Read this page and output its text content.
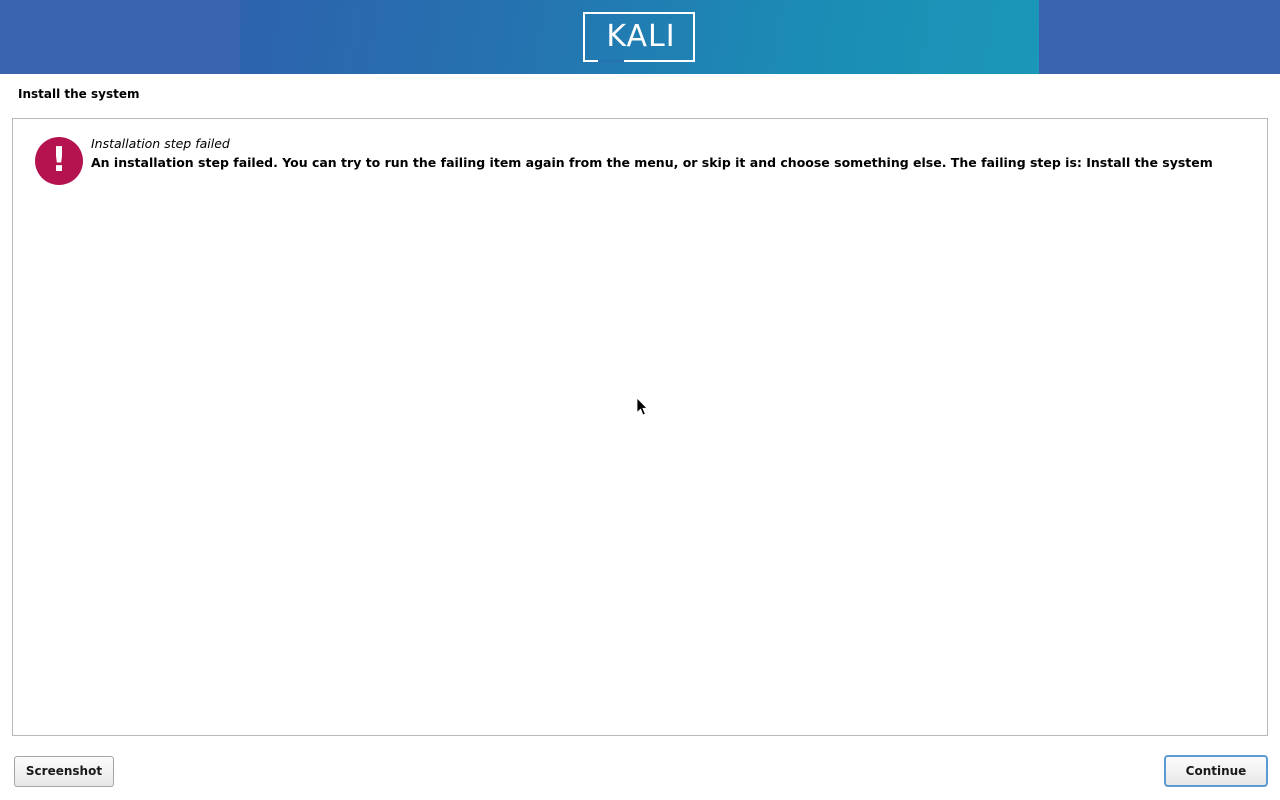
KALI
Install the system
!	Installation step failed
An installation step failed. You can try to run the failing item again from the menu, or skip it and choose something else. The failing step is: Install the system
Screenshot	Continue
